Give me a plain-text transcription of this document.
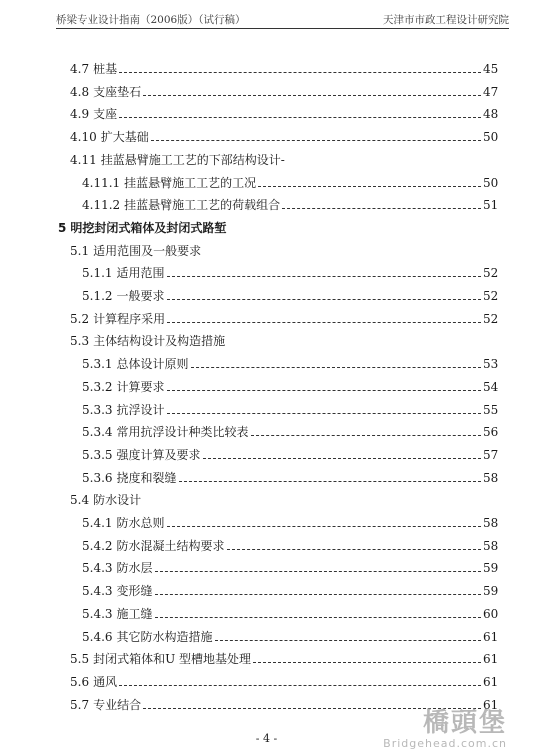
桥梁专业设计指南（2006版）（试行稿）	天津市市政工程设计研究院
4.7 桩基	45
4.8 支座垫石	47
4.9 支座	48
4.10 扩大基础	50
4.11 挂蓝悬臂施工工艺的下部结构设计-
4.11.1 挂蓝悬臂施工工艺的工况	50
4.11.2 挂蓝悬臂施工工艺的荷载组合	51
5 明挖封闭式箱体及封闭式路堑
5.1 适用范围及一般要求
5.1.1 适用范围	52
5.1.2 一般要求	52
5.2 计算程序采用	52
5.3 主体结构设计及构造措施
5.3.1 总体设计原则	53
5.3.2 计算要求	54
5.3.3 抗浮设计	55
5.3.4 常用抗浮设计种类比较表	56
5.3.5 强度计算及要求	57
5.3.6 挠度和裂缝	58
5.4 防水设计
5.4.1 防水总则	58
5.4.2 防水混凝土结构要求	58
5.4.3 防水层	59
5.4.3 变形缝	59
5.4.3 施工缝	60
5.4.6 其它防水构造措施	61
5.5 封闭式箱体和U 型槽地基处理	61
5.6 通风	61
5.7 专业结合	61
- 4 -
橋頭堡
Bridgehead.com.cn
